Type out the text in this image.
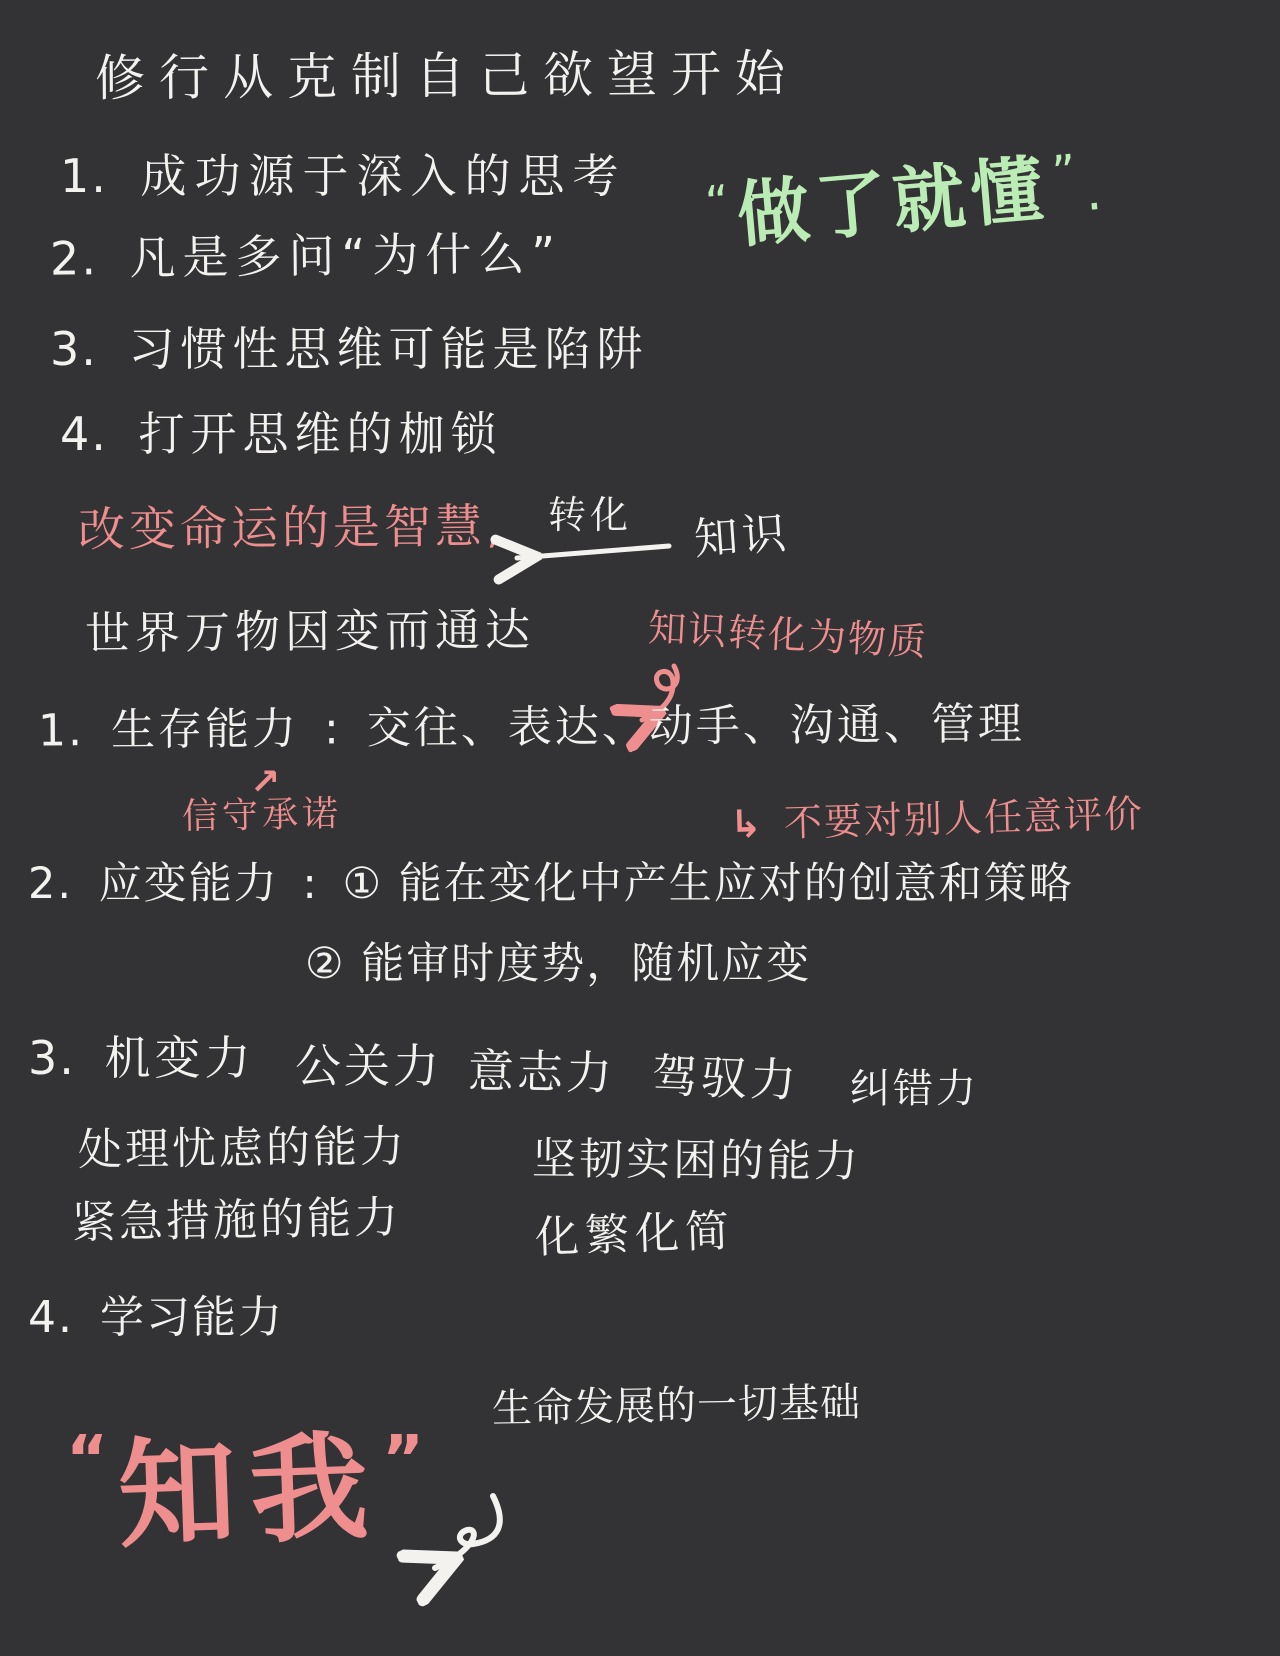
修行从克制自己欲望开始
“ 做了就懂 ” .
1. 成功源于深入的思考
2. 凡是多问“为什么”
3. 习惯性思维可能是陷阱
4. 打开思维的枷锁
改变命运的是智慧, 转化 知识
世界万物因变而通达	知识转化为物质
1. 生存能力 : 交往、表达、动手、沟通、管理
↗
信守承诺	↳ 不要对别人任意评价
2. 应变能力 : ① 能在变化中产生应对的创意和策略
② 能审时度势，随机应变
3. 机变力 公关力 意志力 驾驭力 纠错力
处理忧虑的能力	坚韧实困的能力
紧急措施的能力	化繁化简
4. 学习能力
生命发展的一切基础
“ 知我
”
